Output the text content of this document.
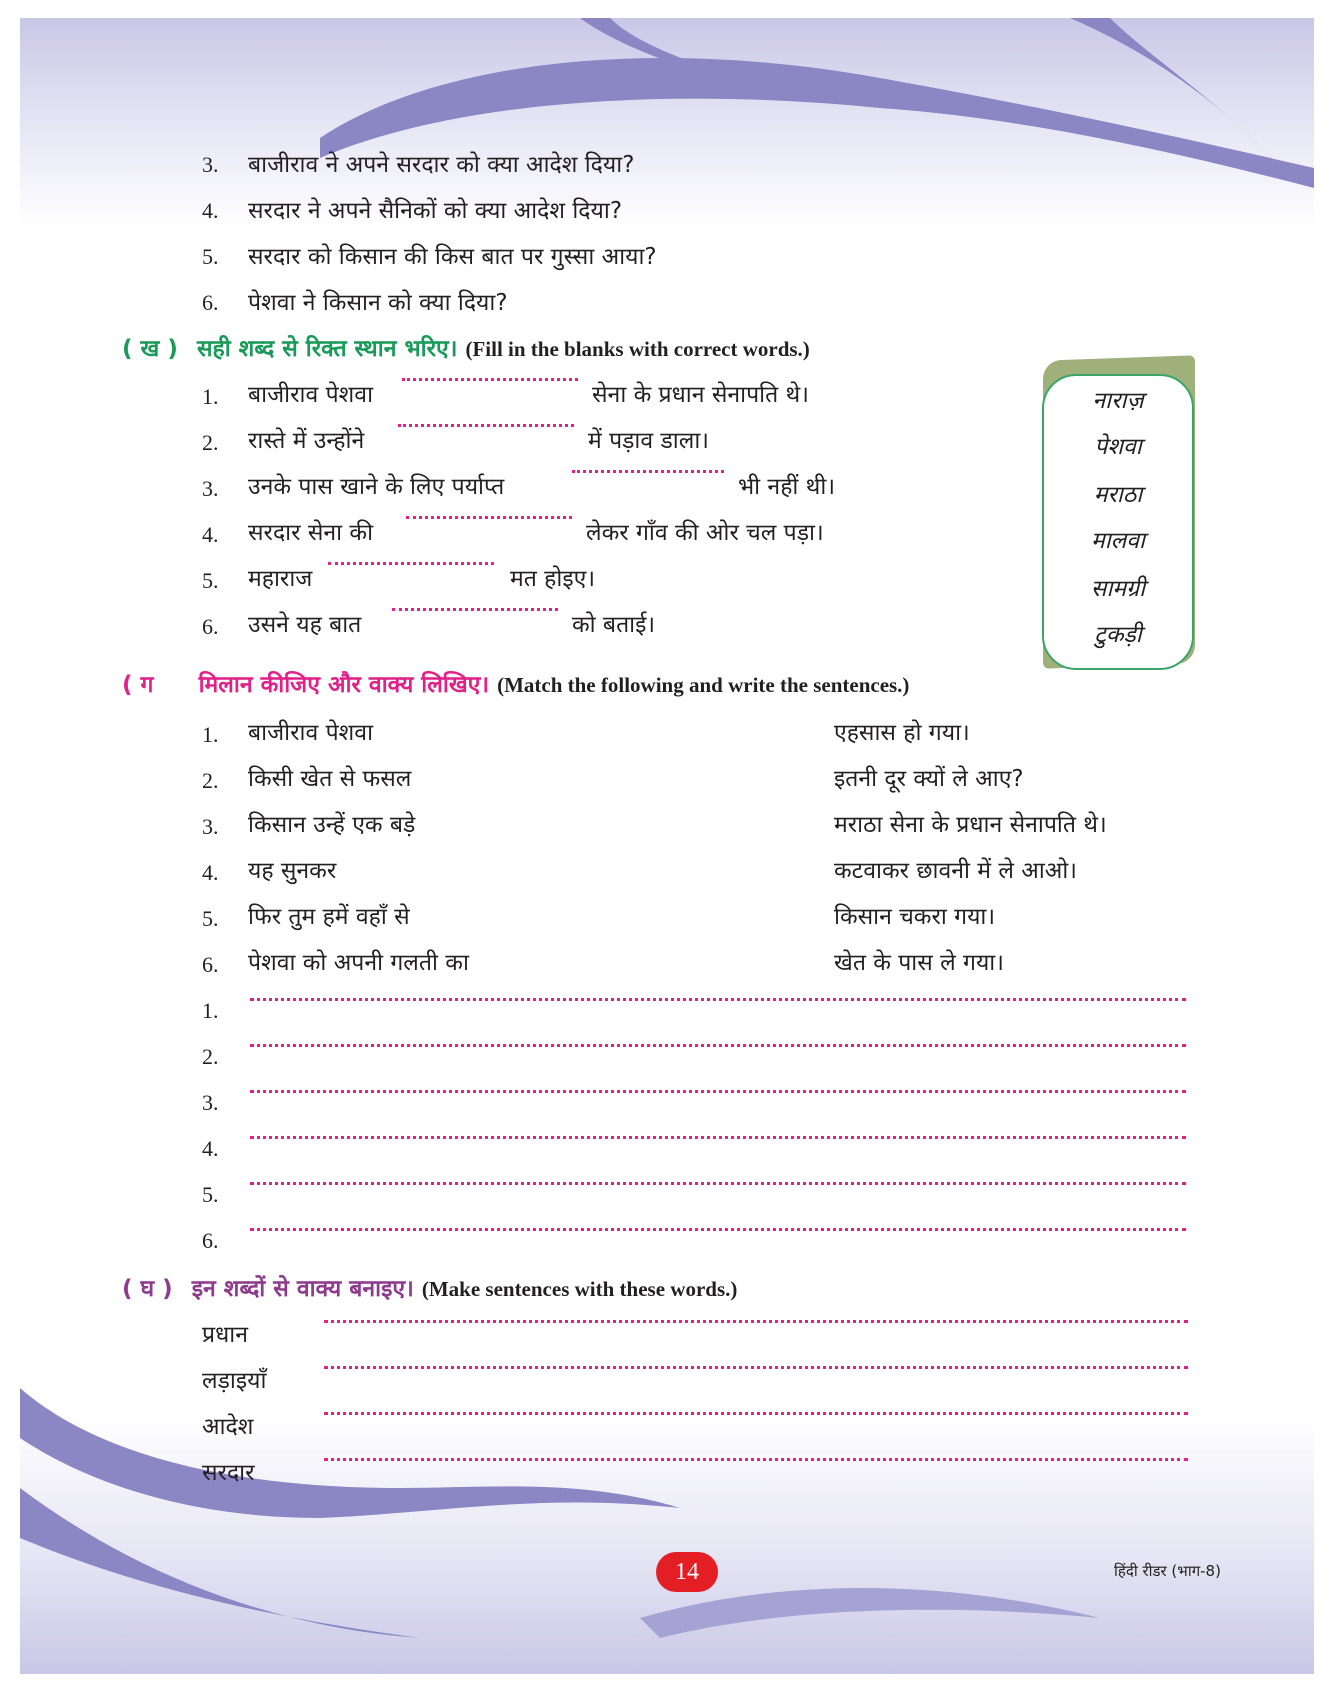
3. बाजीराव ने अपने सरदार को क्या आदेश दिया?
4. सरदार ने अपने सैनिकों को क्या आदेश दिया?
5. सरदार को किसान की किस बात पर गुस्सा आया?
6. पेशवा ने किसान को क्या दिया?
( ख ) सही शब्द से रिक्त स्थान भरिए। (Fill in the blanks with correct words.)
1. बाजीराव पेशवा	सेना के प्रधान सेनापति थे।
2. रास्ते में उन्होंने	में पड़ाव डाला।
3. उनके पास खाने के लिए पर्याप्त	भी नहीं थी।
4. सरदार सेना की	लेकर गाँव की ओर चल पड़ा।
5. महाराज	मत होइए।
6. उसने यह बात	को बताई।
नाराज़
पेशवा
मराठा
मालवा
सामग्री
टुकड़ी
( ग मिलान कीजिए और वाक्य लिखिए। (Match the following and write the sentences.)
1. बाजीराव पेशवा	एहसास हो गया।
2. किसी खेत से फसल	इतनी दूर क्यों ले आए?
3. किसान उन्हें एक बड़े	मराठा सेना के प्रधान सेनापति थे।
4. यह सुनकर	कटवाकर छावनी में ले आओ।
5. फिर तुम हमें वहाँ से	किसान चकरा गया।
6. पेशवा को अपनी गलती का	खेत के पास ले गया।
1.
2.
3.
4.
5.
6.
( घ ) इन शब्दों से वाक्य बनाइए। (Make sentences with these words.)
प्रधान
लड़ाइयाँ
आदेश
सरदार
14	हिंदी रीडर (भाग-8)
